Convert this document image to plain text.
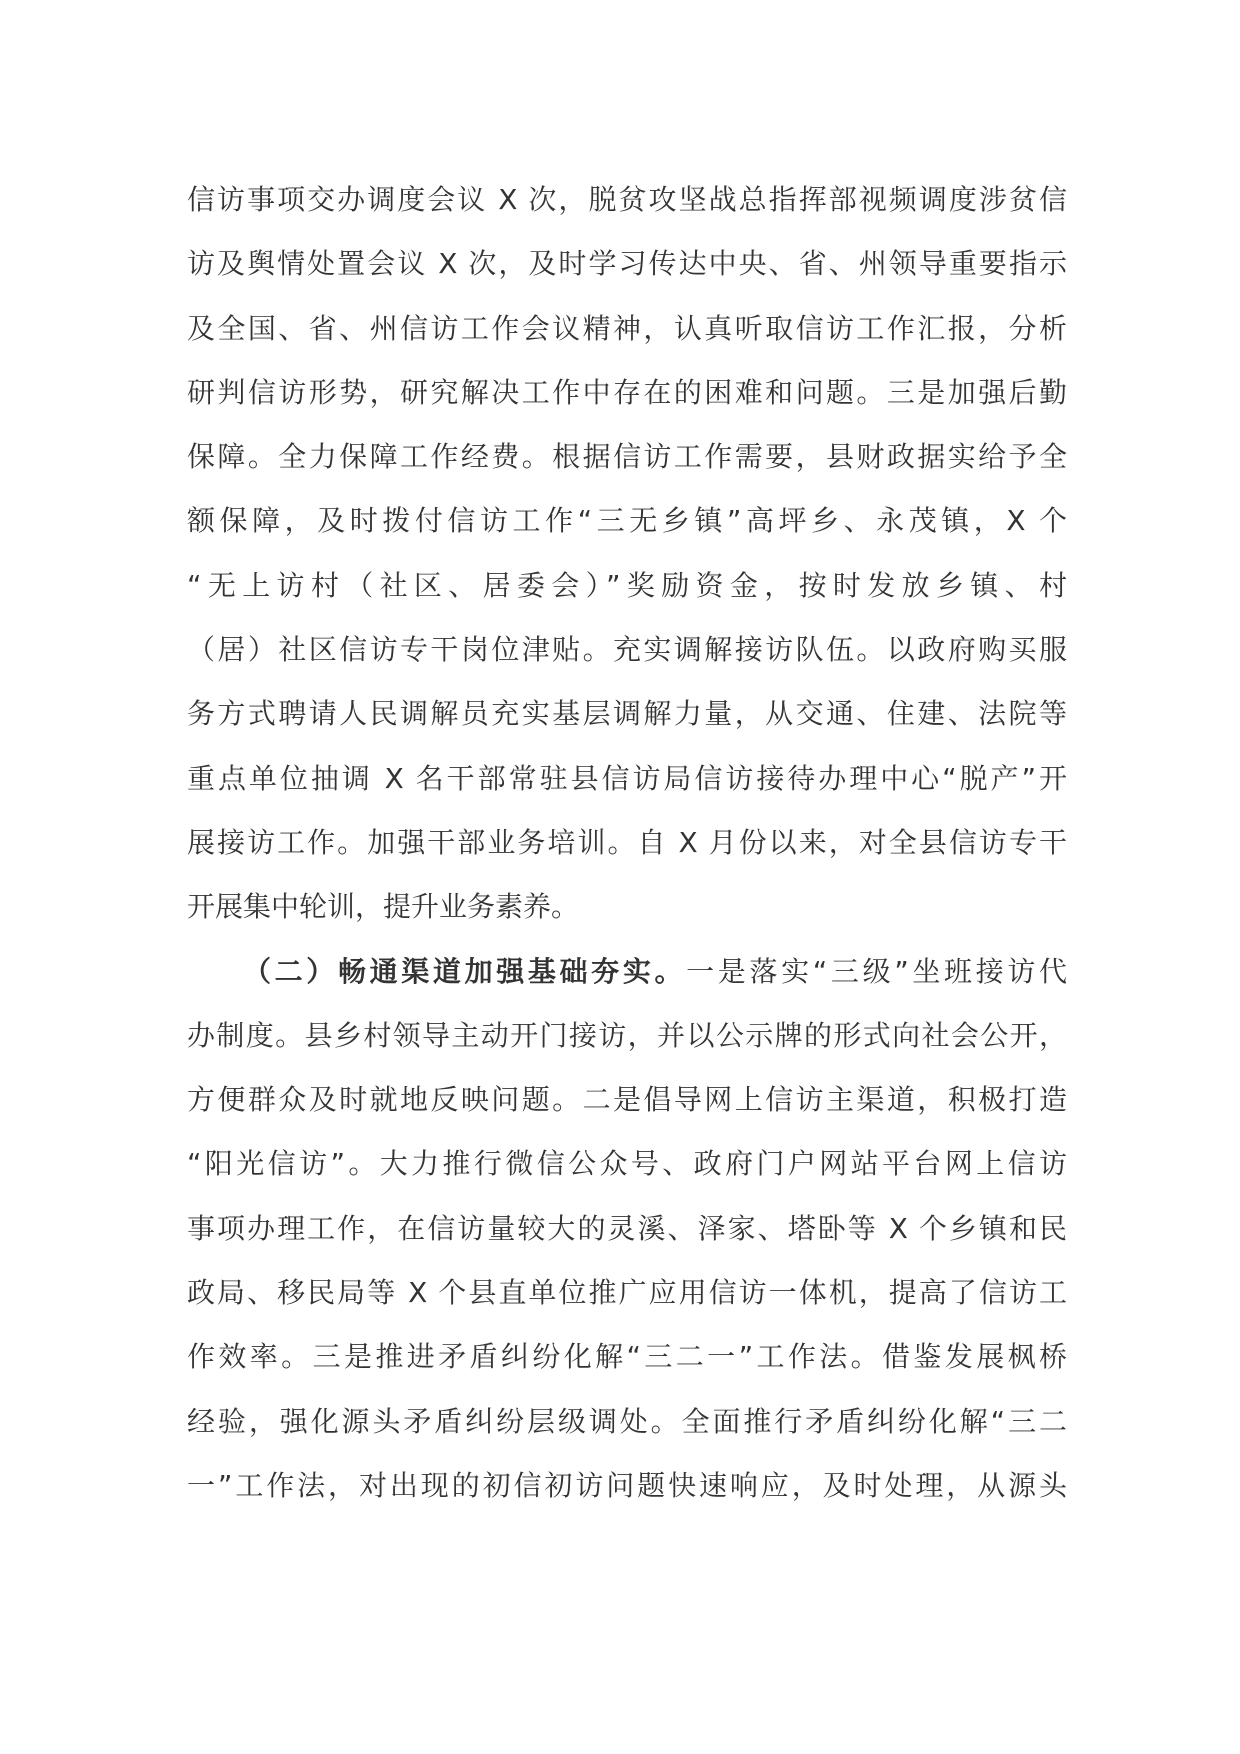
信访事项交办调度会议 X 次，脱贫攻坚战总指挥部视频调度涉贫信
访及舆情处置会议 X 次，及时学习传达中央、省、州领导重要指示
及全国、省、州信访工作会议精神，认真听取信访工作汇报，分析
研判信访形势，研究解决工作中存在的困难和问题。三是加强后勤
保障。全力保障工作经费。根据信访工作需要，县财政据实给予全
额保障，及时拨付信访工作“三无乡镇”高坪乡、永茂镇，X 个
“无上访村（社区、居委会）”奖励资金，按时发放乡镇、村
（居）社区信访专干岗位津贴。充实调解接访队伍。以政府购买服
务方式聘请人民调解员充实基层调解力量，从交通、住建、法院等
重点单位抽调 X 名干部常驻县信访局信访接待办理中心“脱产”开
展接访工作。加强干部业务培训。自 X 月份以来，对全县信访专干
开展集中轮训，提升业务素养。
（二）畅通渠道加强基础夯实。一是落实“三级”坐班接访代
办制度。县乡村领导主动开门接访，并以公示牌的形式向社会公开，
方便群众及时就地反映问题。二是倡导网上信访主渠道，积极打造
“阳光信访”。大力推行微信公众号、政府门户网站平台网上信访
事项办理工作，在信访量较大的灵溪、泽家、塔卧等 X 个乡镇和民
政局、移民局等 X 个县直单位推广应用信访一体机，提高了信访工
作效率。三是推进矛盾纠纷化解“三二一”工作法。借鉴发展枫桥
经验，强化源头矛盾纠纷层级调处。全面推行矛盾纠纷化解“三二
一”工作法，对出现的初信初访问题快速响应，及时处理，从源头
